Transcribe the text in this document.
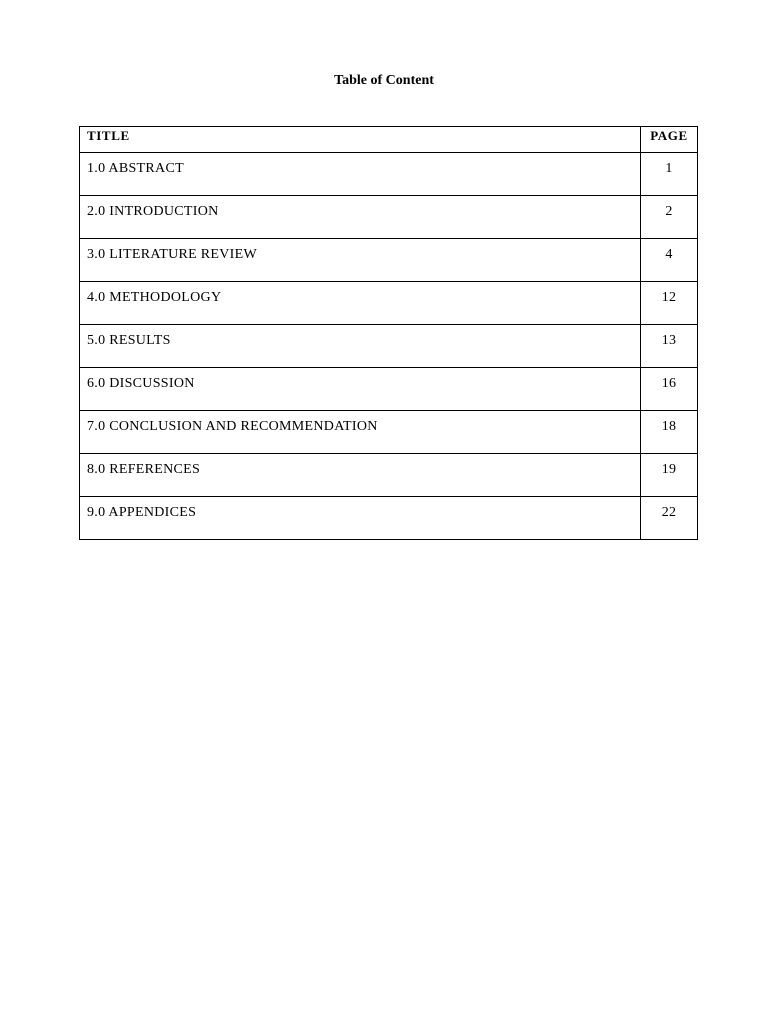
Table of Content
TITLE	PAGE

1.0 ABSTRACT	1

2.0 INTRODUCTION	2

3.0 LITERATURE REVIEW	4

4.0 METHODOLOGY	12

5.0 RESULTS	13

6.0 DISCUSSION	16

7.0 CONCLUSION AND RECOMMENDATION	18

8.0 REFERENCES	19

9.0 APPENDICES	22
